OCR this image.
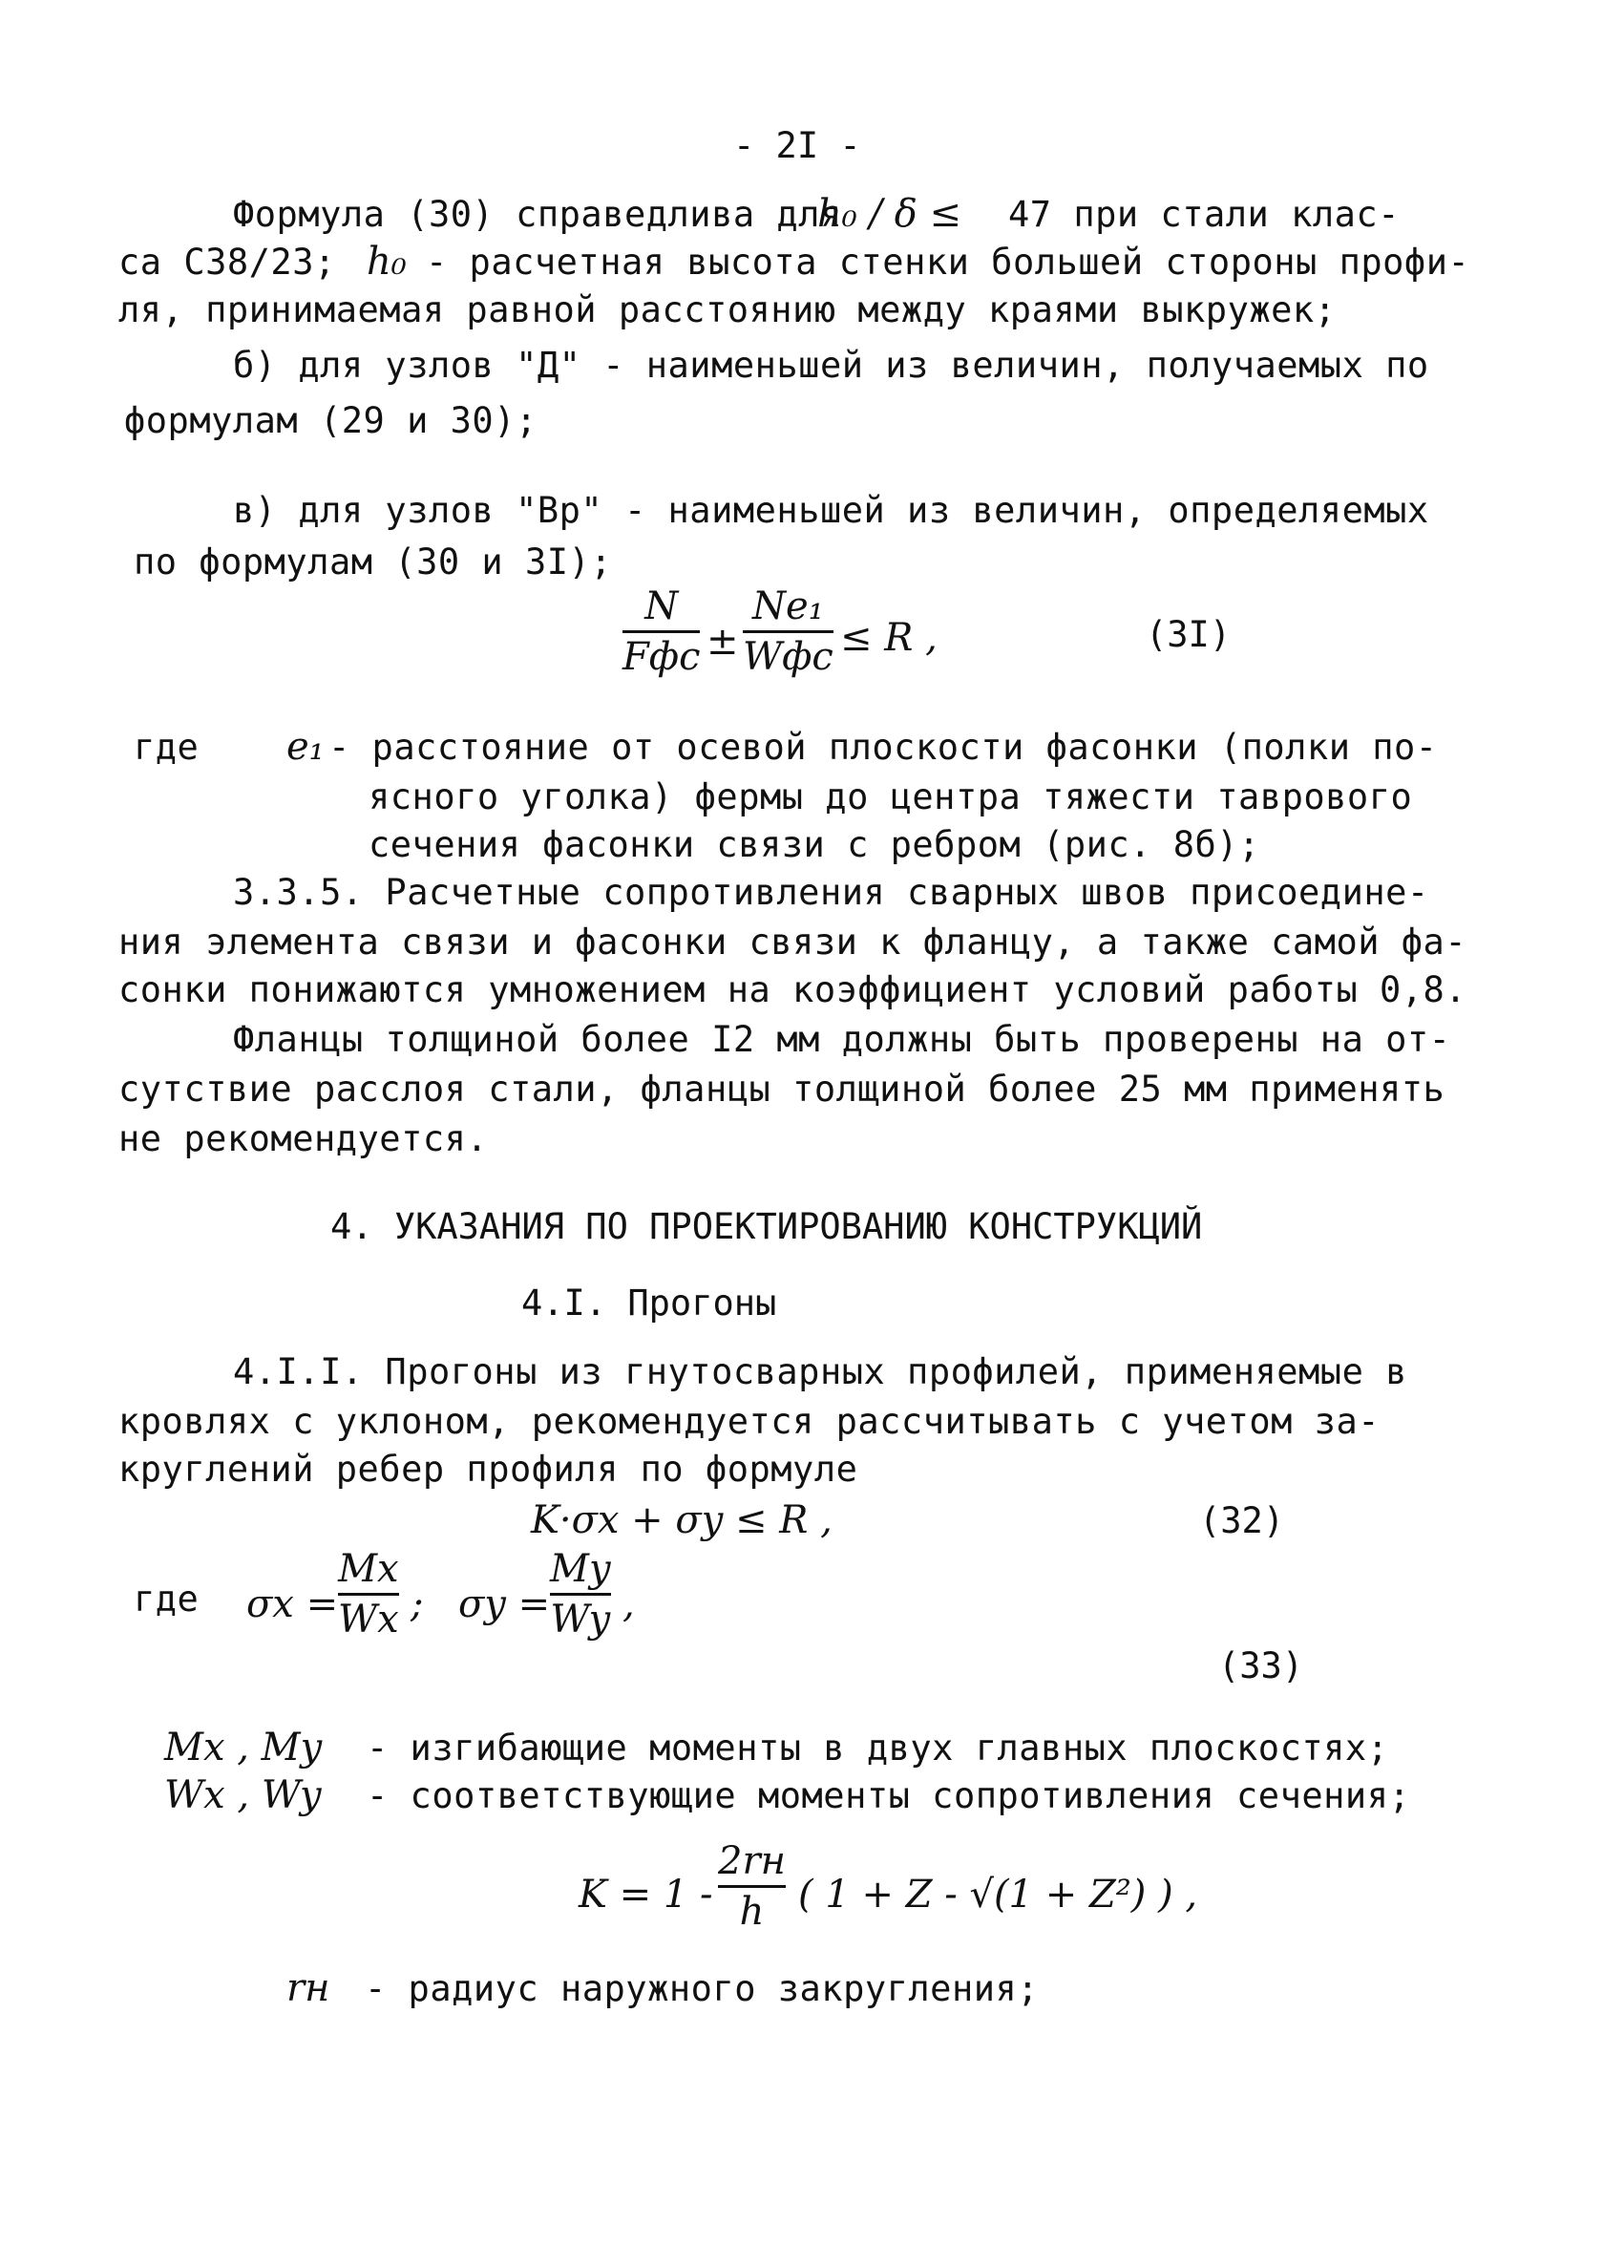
- 2I -
Формула (30) справедлива для
h₀ / δ ≤ 47 при стали клас-
са С38/23; h₀ - расчетная высота стенки большей стороны профи-
ля, принимаемая равной расстоянию между краями выкружек;
б) для узлов "Д" - наименьшей из величин, получаемых по
формулам (29 и 30);
в) для узлов "Вр" - наименьшей из величин, определяемых
по формулам (30 и 3I);
N
Fфс ±
Ne₁
Wфс ≤ R ,	(3I)
где e₁ - расстояние от осевой плоскости фасонки (полки по-
ясного уголка) фермы до центра тяжести таврового
сечения фасонки связи с ребром (рис. 8б);
3.3.5. Расчетные сопротивления сварных швов присоедине-
ния элемента связи и фасонки связи к фланцу, а также самой фа-
сонки понижаются умножением на коэффициент условий работы 0,8.
Фланцы толщиной более I2 мм должны быть проверены на от-
сутствие расслоя стали, фланцы толщиной более 25 мм применять
не рекомендуется.
4. УКАЗАНИЯ ПО ПРОЕКТИРОВАНИЮ КОНСТРУКЦИЙ
4.I. Прогоны
4.I.I. Прогоны из гнутосварных профилей, применяемые в
кровлях с уклоном, рекомендуется рассчитывать с учетом за-
круглений ребер профиля по формуле
K·σx + σy ≤ R ,	(32)
где σx =
Mx
Wx ; σy =
My
Wy ,
(33)
Mx , My - изгибающие моменты в двух главных плоскостях;
Wx , Wy - соответствующие моменты сопротивления сечения;
K = 1 -
2rн
h ( 1 + Z - √(1 + Z²) ) ,
rн - радиус наружного закругления;
